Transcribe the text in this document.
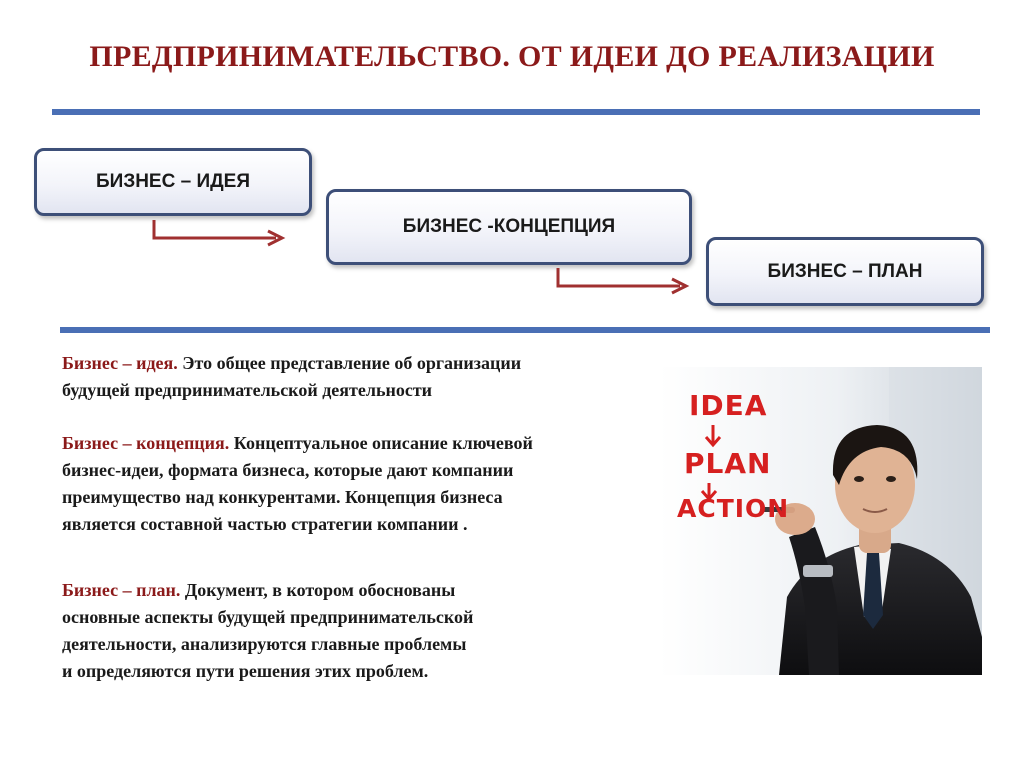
ПРЕДПРИНИМАТЕЛЬСТВО. ОТ ИДЕИ ДО РЕАЛИЗАЦИИ
БИЗНЕС – ИДЕЯ
БИЗНЕС -КОНЦЕПЦИЯ
БИЗНЕС – ПЛАН
Бизнес – идея. Это общее представление об организации
будущей предпринимательской деятельности
Бизнес – концепция. Концептуальное описание ключевой
бизнес-идеи, формата бизнеса, которые дают компании
преимущество над конкурентами. Концепция бизнеса
является составной частью стратегии компании .
Бизнес – план. Документ, в котором обоснованы
основные аспекты будущей предпринимательской
деятельности, анализируются главные проблемы
и определяются пути решения этих проблем.
IDEA
PLAN
ACTION
